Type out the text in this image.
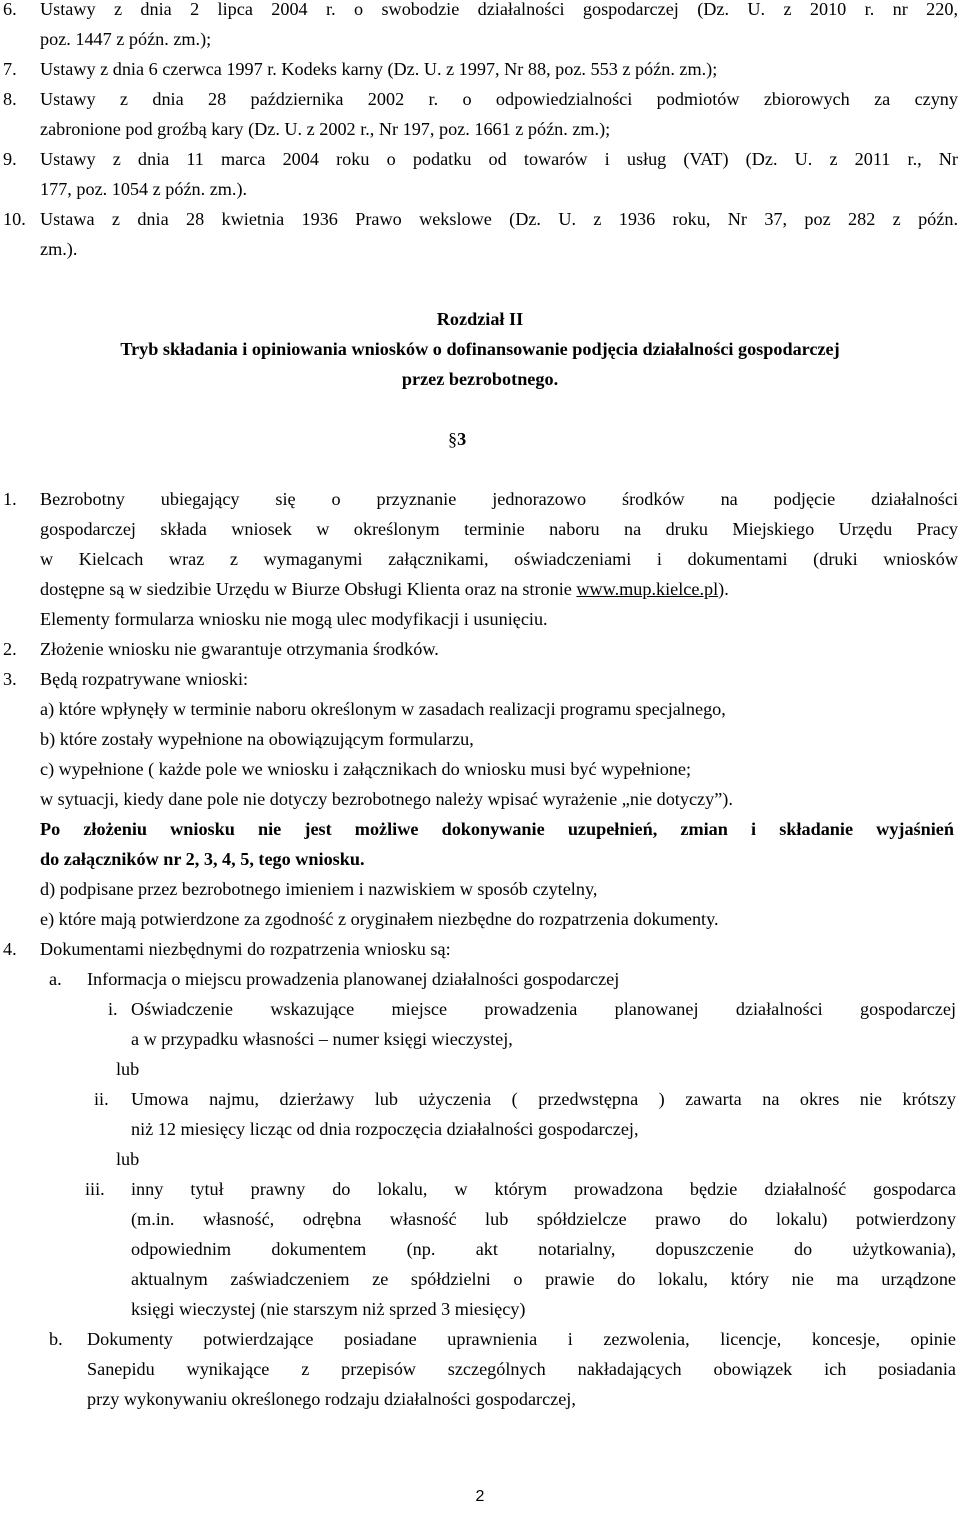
6. Ustawy z dnia 2 lipca 2004 r. o swobodzie działalności gospodarczej (Dz. U. z 2010 r. nr 220,
poz. 1447 z późn. zm.);
7. Ustawy z dnia 6 czerwca 1997 r. Kodeks karny (Dz. U. z 1997, Nr 88, poz. 553 z późn. zm.);
8. Ustawy z dnia 28 października 2002 r. o odpowiedzialności podmiotów zbiorowych za czyny
zabronione pod groźbą kary (Dz. U. z 2002 r., Nr 197, poz. 1661 z późn. zm.);
9. Ustawy z dnia 11 marca 2004 roku o podatku od towarów i usług (VAT) (Dz. U. z 2011 r., Nr
177, poz. 1054 z późn. zm.).
10. Ustawa z dnia 28 kwietnia 1936 Prawo wekslowe (Dz. U. z 1936 roku, Nr 37, poz 282 z późn.
zm.).
Rozdział II
Tryb składania i opiniowania wniosków o dofinansowanie podjęcia działalności gospodarczej
przez bezrobotnego.
§3
1. Bezrobotny ubiegający się o przyznanie jednorazowo środków na podjęcie działalności
gospodarczej składa wniosek w określonym terminie naboru na druku Miejskiego Urzędu Pracy
w Kielcach wraz z wymaganymi załącznikami, oświadczeniami i dokumentami (druki wniosków
dostępne są w siedzibie Urzędu w Biurze Obsługi Klienta oraz na stronie www.mup.kielce.pl).
Elementy formularza wniosku nie mogą ulec modyfikacji i usunięciu.
2. Złożenie wniosku nie gwarantuje otrzymania środków.
3. Będą rozpatrywane wnioski:
a) które wpłynęły w terminie naboru określonym w zasadach realizacji programu specjalnego,
b) które zostały wypełnione na obowiązującym formularzu,
c) wypełnione ( każde pole we wniosku i załącznikach do wniosku musi być wypełnione;
w sytuacji, kiedy dane pole nie dotyczy bezrobotnego należy wpisać wyrażenie „nie dotyczy”).
Po złożeniu wniosku nie jest możliwe dokonywanie uzupełnień, zmian i składanie wyjaśnień
do załączników nr 2, 3, 4, 5, tego wniosku.
d) podpisane przez bezrobotnego imieniem i nazwiskiem w sposób czytelny,
e) które mają potwierdzone za zgodność z oryginałem niezbędne do rozpatrzenia dokumenty.
4. Dokumentami niezbędnymi do rozpatrzenia wniosku są:
a. Informacja o miejscu prowadzenia planowanej działalności gospodarczej
i. Oświadczenie wskazujące miejsce prowadzenia planowanej działalności gospodarczej
a w przypadku własności – numer księgi wieczystej,
lub
ii. Umowa najmu, dzierżawy lub użyczenia ( przedwstępna ) zawarta na okres nie krótszy
niż 12 miesięcy licząc od dnia rozpoczęcia działalności gospodarczej,
lub
iii. inny tytuł prawny do lokalu, w którym prowadzona będzie działalność gospodarca
(m.in. własność, odrębna własność lub spółdzielcze prawo do lokalu) potwierdzony
odpowiednim dokumentem (np. akt notarialny, dopuszczenie do użytkowania),
aktualnym zaświadczeniem ze spółdzielni o prawie do lokalu, który nie ma urządzone
księgi wieczystej (nie starszym niż sprzed 3 miesięcy)
b. Dokumenty potwierdzające posiadane uprawnienia i zezwolenia, licencje, koncesje, opinie
Sanepidu wynikające z przepisów szczególnych nakładających obowiązek ich posiadania
przy wykonywaniu określonego rodzaju działalności gospodarczej,
2
